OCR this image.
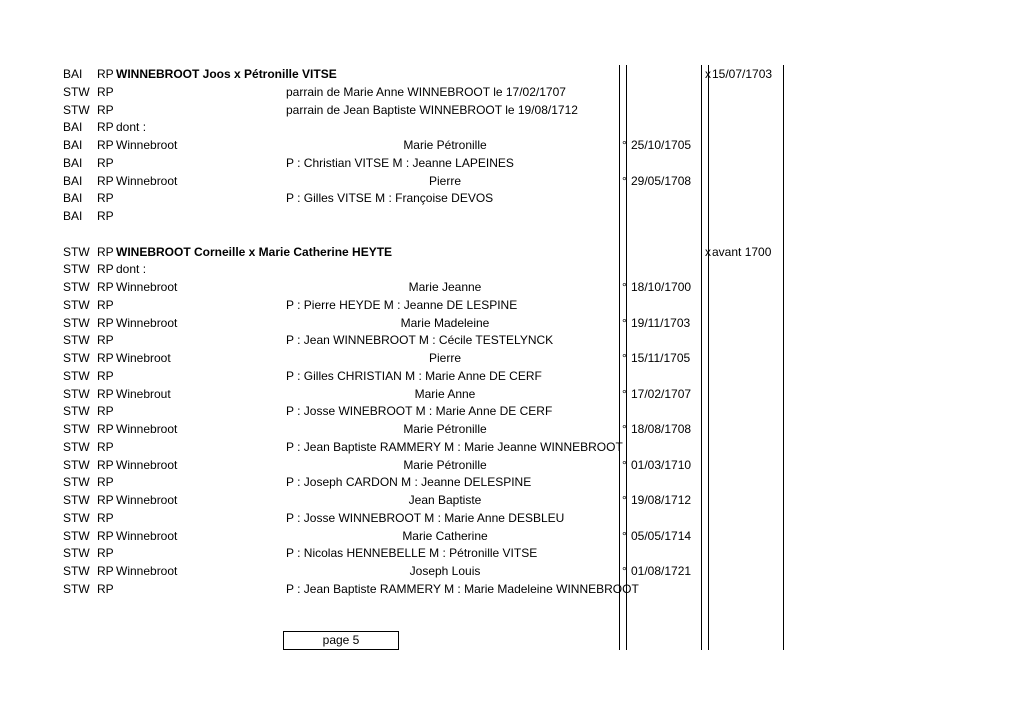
BAI RP WINNEBROOT Joos x Pétronille VITSE	x 15/07/1703
STW RP	parrain de Marie Anne WINNEBROOT le 17/02/1707
STW RP	parrain de Jean Baptiste WINNEBROOT le 19/08/1712
BAI RP dont :
BAI RP Winnebroot	Marie Pétronille	° 25/10/1705
BAI RP	P : Christian VITSE M : Jeanne LAPEINES
BAI RP Winnebroot	Pierre	° 29/05/1708
BAI RP	P : Gilles VITSE M : Françoise DEVOS
BAI RP
STW RP WINEBROOT Corneille x Marie Catherine HEYTE	x avant 1700
STW RP dont :
STW RP Winnebroot	Marie Jeanne	° 18/10/1700
STW RP	P : Pierre HEYDE M : Jeanne DE LESPINE
STW RP Winnebroot	Marie Madeleine	° 19/11/1703
STW RP	P : Jean WINNEBROOT M : Cécile TESTELYNCK
STW RP Winebroot	Pierre	° 15/11/1705
STW RP	P : Gilles CHRISTIAN M : Marie Anne DE CERF
STW RP Winebrout	Marie Anne	° 17/02/1707
STW RP	P : Josse WINEBROOT M : Marie Anne DE CERF
STW RP Winnebroot	Marie Pétronille	° 18/08/1708
STW RP	P : Jean Baptiste RAMMERY M : Marie Jeanne WINNEBROOT
STW RP Winnebroot	Marie Pétronille	° 01/03/1710
STW RP	P : Joseph CARDON M : Jeanne DELESPINE
STW RP Winnebroot	Jean Baptiste	° 19/08/1712
STW RP	P : Josse WINNEBROOT M : Marie Anne DESBLEU
STW RP Winnebroot	Marie Catherine	° 05/05/1714
STW RP	P : Nicolas HENNEBELLE M : Pétronille VITSE
STW RP Winnebroot	Joseph Louis	° 01/08/1721
STW RP	P : Jean Baptiste RAMMERY M : Marie Madeleine WINNEBROOT
page 5
